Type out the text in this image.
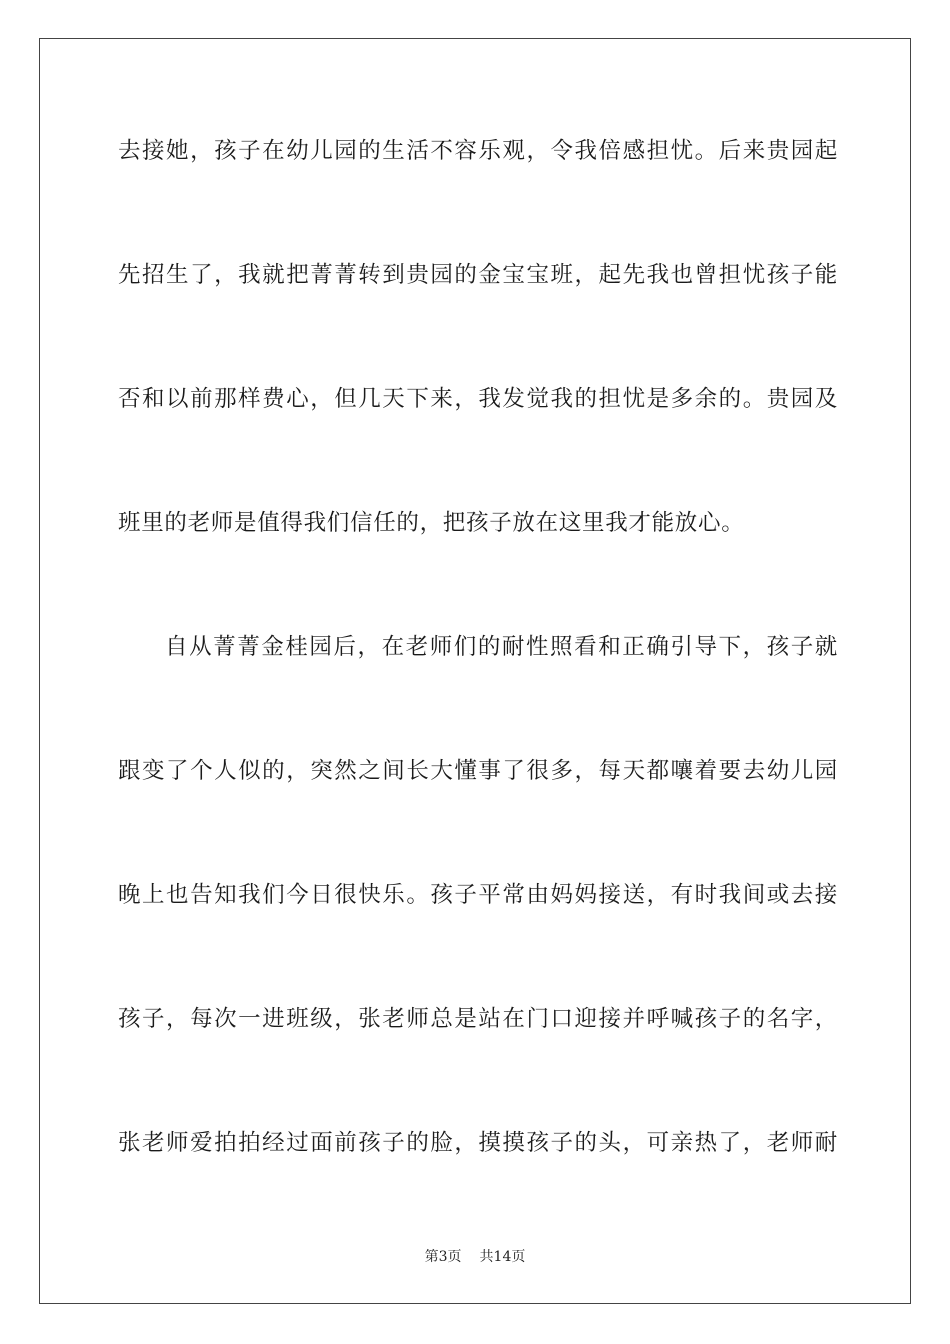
去接她，孩子在幼儿园的生活不容乐观，令我倍感担忧。后来贵园起
先招生了，我就把菁菁转到贵园的金宝宝班，起先我也曾担忧孩子能
否和以前那样费心，但几天下来，我发觉我的担忧是多余的。贵园及
班里的老师是值得我们信任的，把孩子放在这里我才能放心。
自从菁菁金桂园后，在老师们的耐性照看和正确引导下，孩子就
跟变了个人似的，突然之间长大懂事了很多，每天都嚷着要去幼儿园
晚上也告知我们今日很快乐。孩子平常由妈妈接送，有时我间或去接
孩子，每次一进班级，张老师总是站在门口迎接并呼喊孩子的名字，
张老师爱拍拍经过面前孩子的脸，摸摸孩子的头，可亲热了，老师耐
第3页 共14页
